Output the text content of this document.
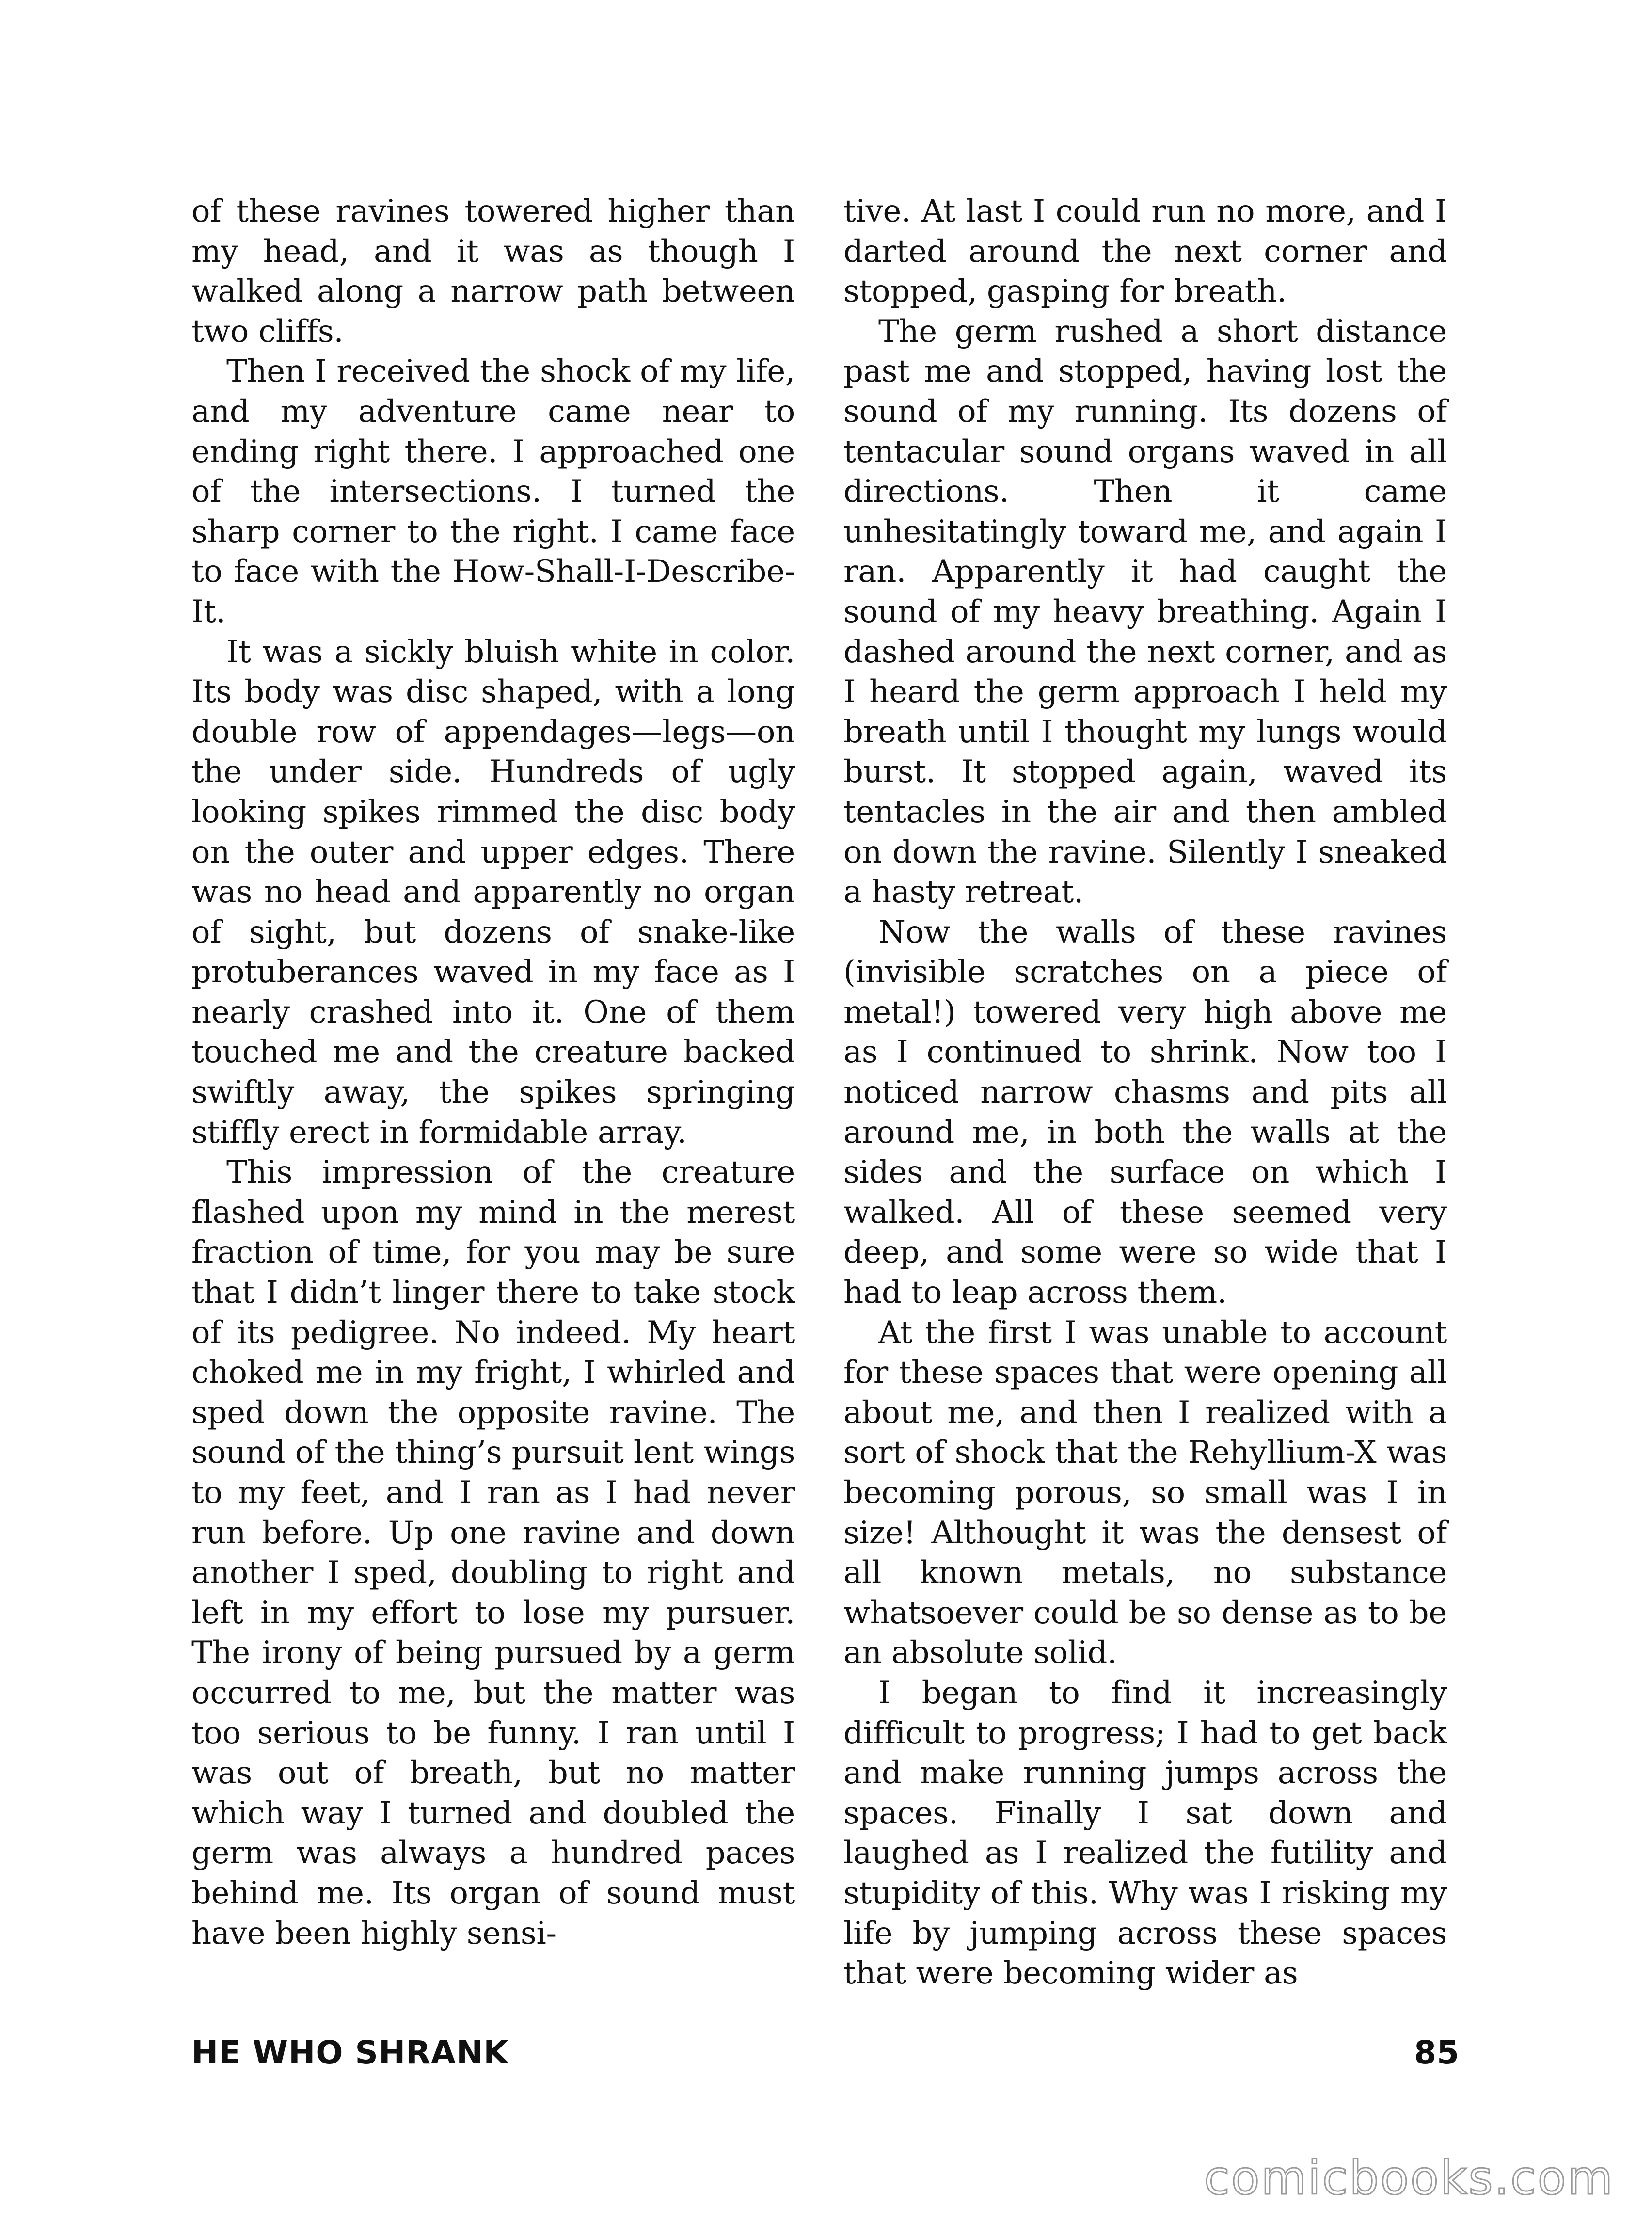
of these ravines towered higher than my head, and it was as though I walked along a narrow path between two cliffs.

Then I received the shock of my life, and my adventure came near to ending right there. I approached one of the intersections. I turned the sharp corner to the right. I came face to face with the How-Shall-I-Describe-It.

It was a sickly bluish white in color. Its body was disc shaped, with a long double row of appendages—legs—on the under side. Hundreds of ugly looking spikes rimmed the disc body on the outer and upper edges. There was no head and apparently no organ of sight, but dozens of snake-like protuberances waved in my face as I nearly crashed into it. One of them touched me and the creature backed swiftly away, the spikes springing stiffly erect in formidable array.

This impression of the creature flashed upon my mind in the merest fraction of time, for you may be sure that I didn’t linger there to take stock of its pedigree. No indeed. My heart choked me in my fright, I whirled and sped down the opposite ravine. The sound of the thing’s pursuit lent wings to my feet, and I ran as I had never run before. Up one ravine and down another I sped, doubling to right and left in my effort to lose my pursuer. The irony of being pursued by a germ occurred to me, but the matter was too serious to be funny. I ran until I was out of breath, but no matter which way I turned and doubled the germ was always a hundred paces behind me. Its organ of sound must have been highly sensi-

tive. At last I could run no more, and I darted around the next corner and stopped, gasping for breath.

The germ rushed a short distance past me and stopped, having lost the sound of my running. Its dozens of tentacular sound organs waved in all directions. Then it came unhesitatingly toward me, and again I ran. Apparently it had caught the sound of my heavy breathing. Again I dashed around the next corner, and as I heard the germ approach I held my breath until I thought my lungs would burst. It stopped again, waved its tentacles in the air and then ambled on down the ravine. Silently I sneaked a hasty retreat.

Now the walls of these ravines (invisible scratches on a piece of metal!) towered very high above me as I continued to shrink. Now too I noticed narrow chasms and pits all around me, in both the walls at the sides and the surface on which I walked. All of these seemed very deep, and some were so wide that I had to leap across them.

At the first I was unable to account for these spaces that were opening all about me, and then I realized with a sort of shock that the Rehyllium-X was becoming porous, so small was I in size! Althought it was the densest of all known metals, no substance whatsoever could be so dense as to be an absolute solid.

I began to find it increasingly difficult to progress; I had to get back and make running jumps across the spaces. Finally I sat down and laughed as I realized the futility and stupidity of this. Why was I risking my life by jumping across these spaces that were becoming wider as

HE WHO SHRANK	85
comicbooks.com
